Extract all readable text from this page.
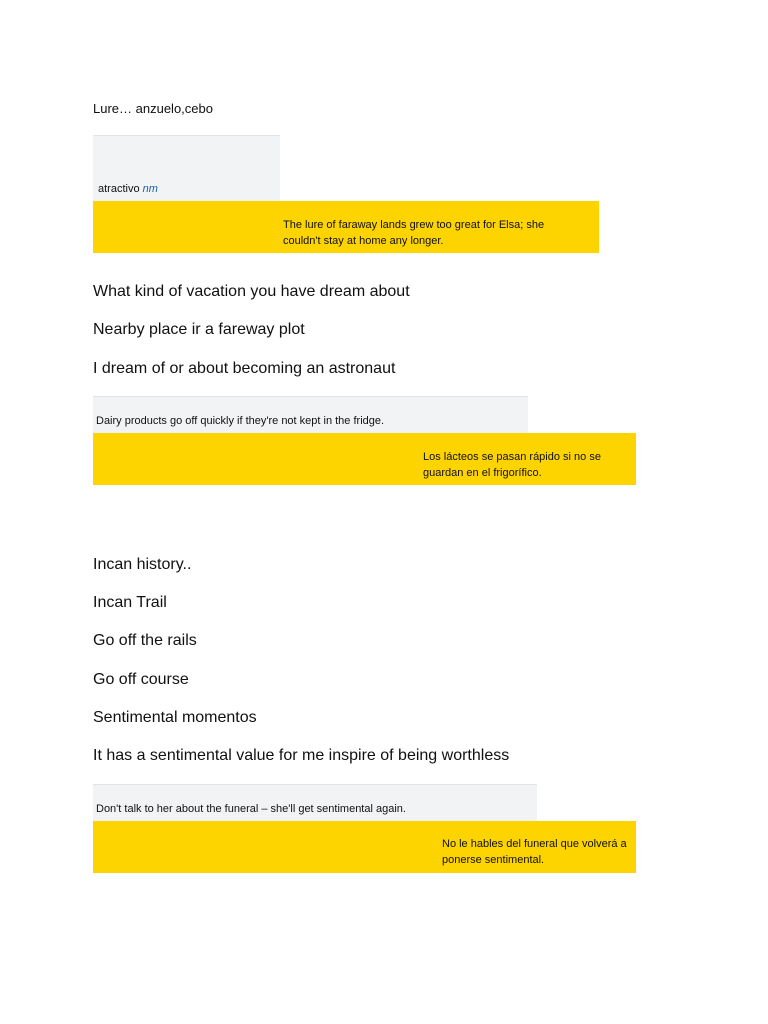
Lure… anzuelo,cebo
atractivo nm
The lure of faraway lands grew too great for Elsa; she couldn't stay at home any longer.
What kind of vacation you have dream about
Nearby place ir a fareway plot
I dream of or about becoming an astronaut
Dairy products go off quickly if they're not kept in the fridge.
Los lácteos se pasan rápido si no se guardan en el frigorífico.
Incan history..
Incan Trail
Go off the rails
Go off course
Sentimental momentos
It has a sentimental value for me inspire of being worthless
Don't talk to her about the funeral – she'll get sentimental again.
No le hables del funeral que volverá a ponerse sentimental.
